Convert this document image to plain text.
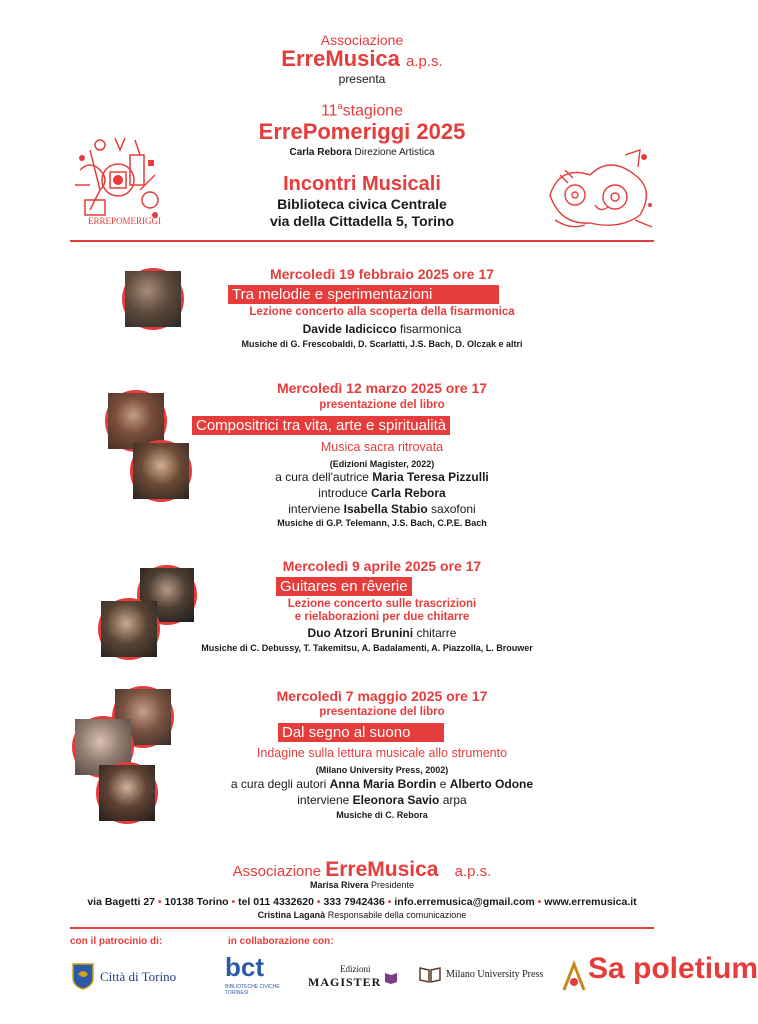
Associazione
ErreMusica a.p.s.
presenta
11$^a$stagione
ErrePomeriggi 2025
Carla Rebora Direzione Artistica
ERREPOMERIGGI
Incontri Musicali
Biblioteca civica Centrale
via della Cittadella 5, Torino
Mercoledì 19 febbraio 2025 ore 17
Tra melodie e sperimentazioni
Lezione concerto alla scoperta della fisarmonica
Davide Iadicicco fisarmonica
Musiche di G. Frescobaldi, D. Scarlatti, J.S. Bach, D. Olczak e altri
Mercoledì 12 marzo 2025 ore 17
presentazione del libro
Compositrici tra vita, arte e spiritualità
Musica sacra ritrovata
(Edizioni Magister, 2022)
a cura dell'autrice Maria Teresa Pizzulli
introduce Carla Rebora
interviene Isabella Stabio saxofoni
Musiche di G.P. Telemann, J.S. Bach, C.P.E. Bach
Mercoledì 9 aprile 2025 ore 17
Guitares en rêverie
Lezione concerto sulle trascrizioni
e rielaborazioni per due chitarre
Duo Atzori Brunini chitarre
Musiche di C. Debussy, T. Takemitsu, A. Badalamenti, A. Piazzolla, L. Brouwer
Mercoledì 7 maggio 2025 ore 17
presentazione del libro
Dal segno al suono
Indagine sulla lettura musicale allo strumento
(Milano University Press, 2002)
a cura degli autori Anna Maria Bordin e Alberto Odone
interviene Eleonora Savio arpa
Musiche di C. Rebora
Associazione ErreMusica a.p.s.
Marisa Rivera Presidente
via Bagetti 27 • 10138 Torino • tel 011 4332620 • 333 7942436 • info.erremusica@gmail.com • www.erremusica.it
Cristina Laganà Responsabile della comunicazione
con il patrocinio di:	in collaborazione con:
Città di Torino bct
BIBLIOTECHE CIVICHE TORINESI
Edizioni
MAGISTER
Milano University Press Sa poletium
